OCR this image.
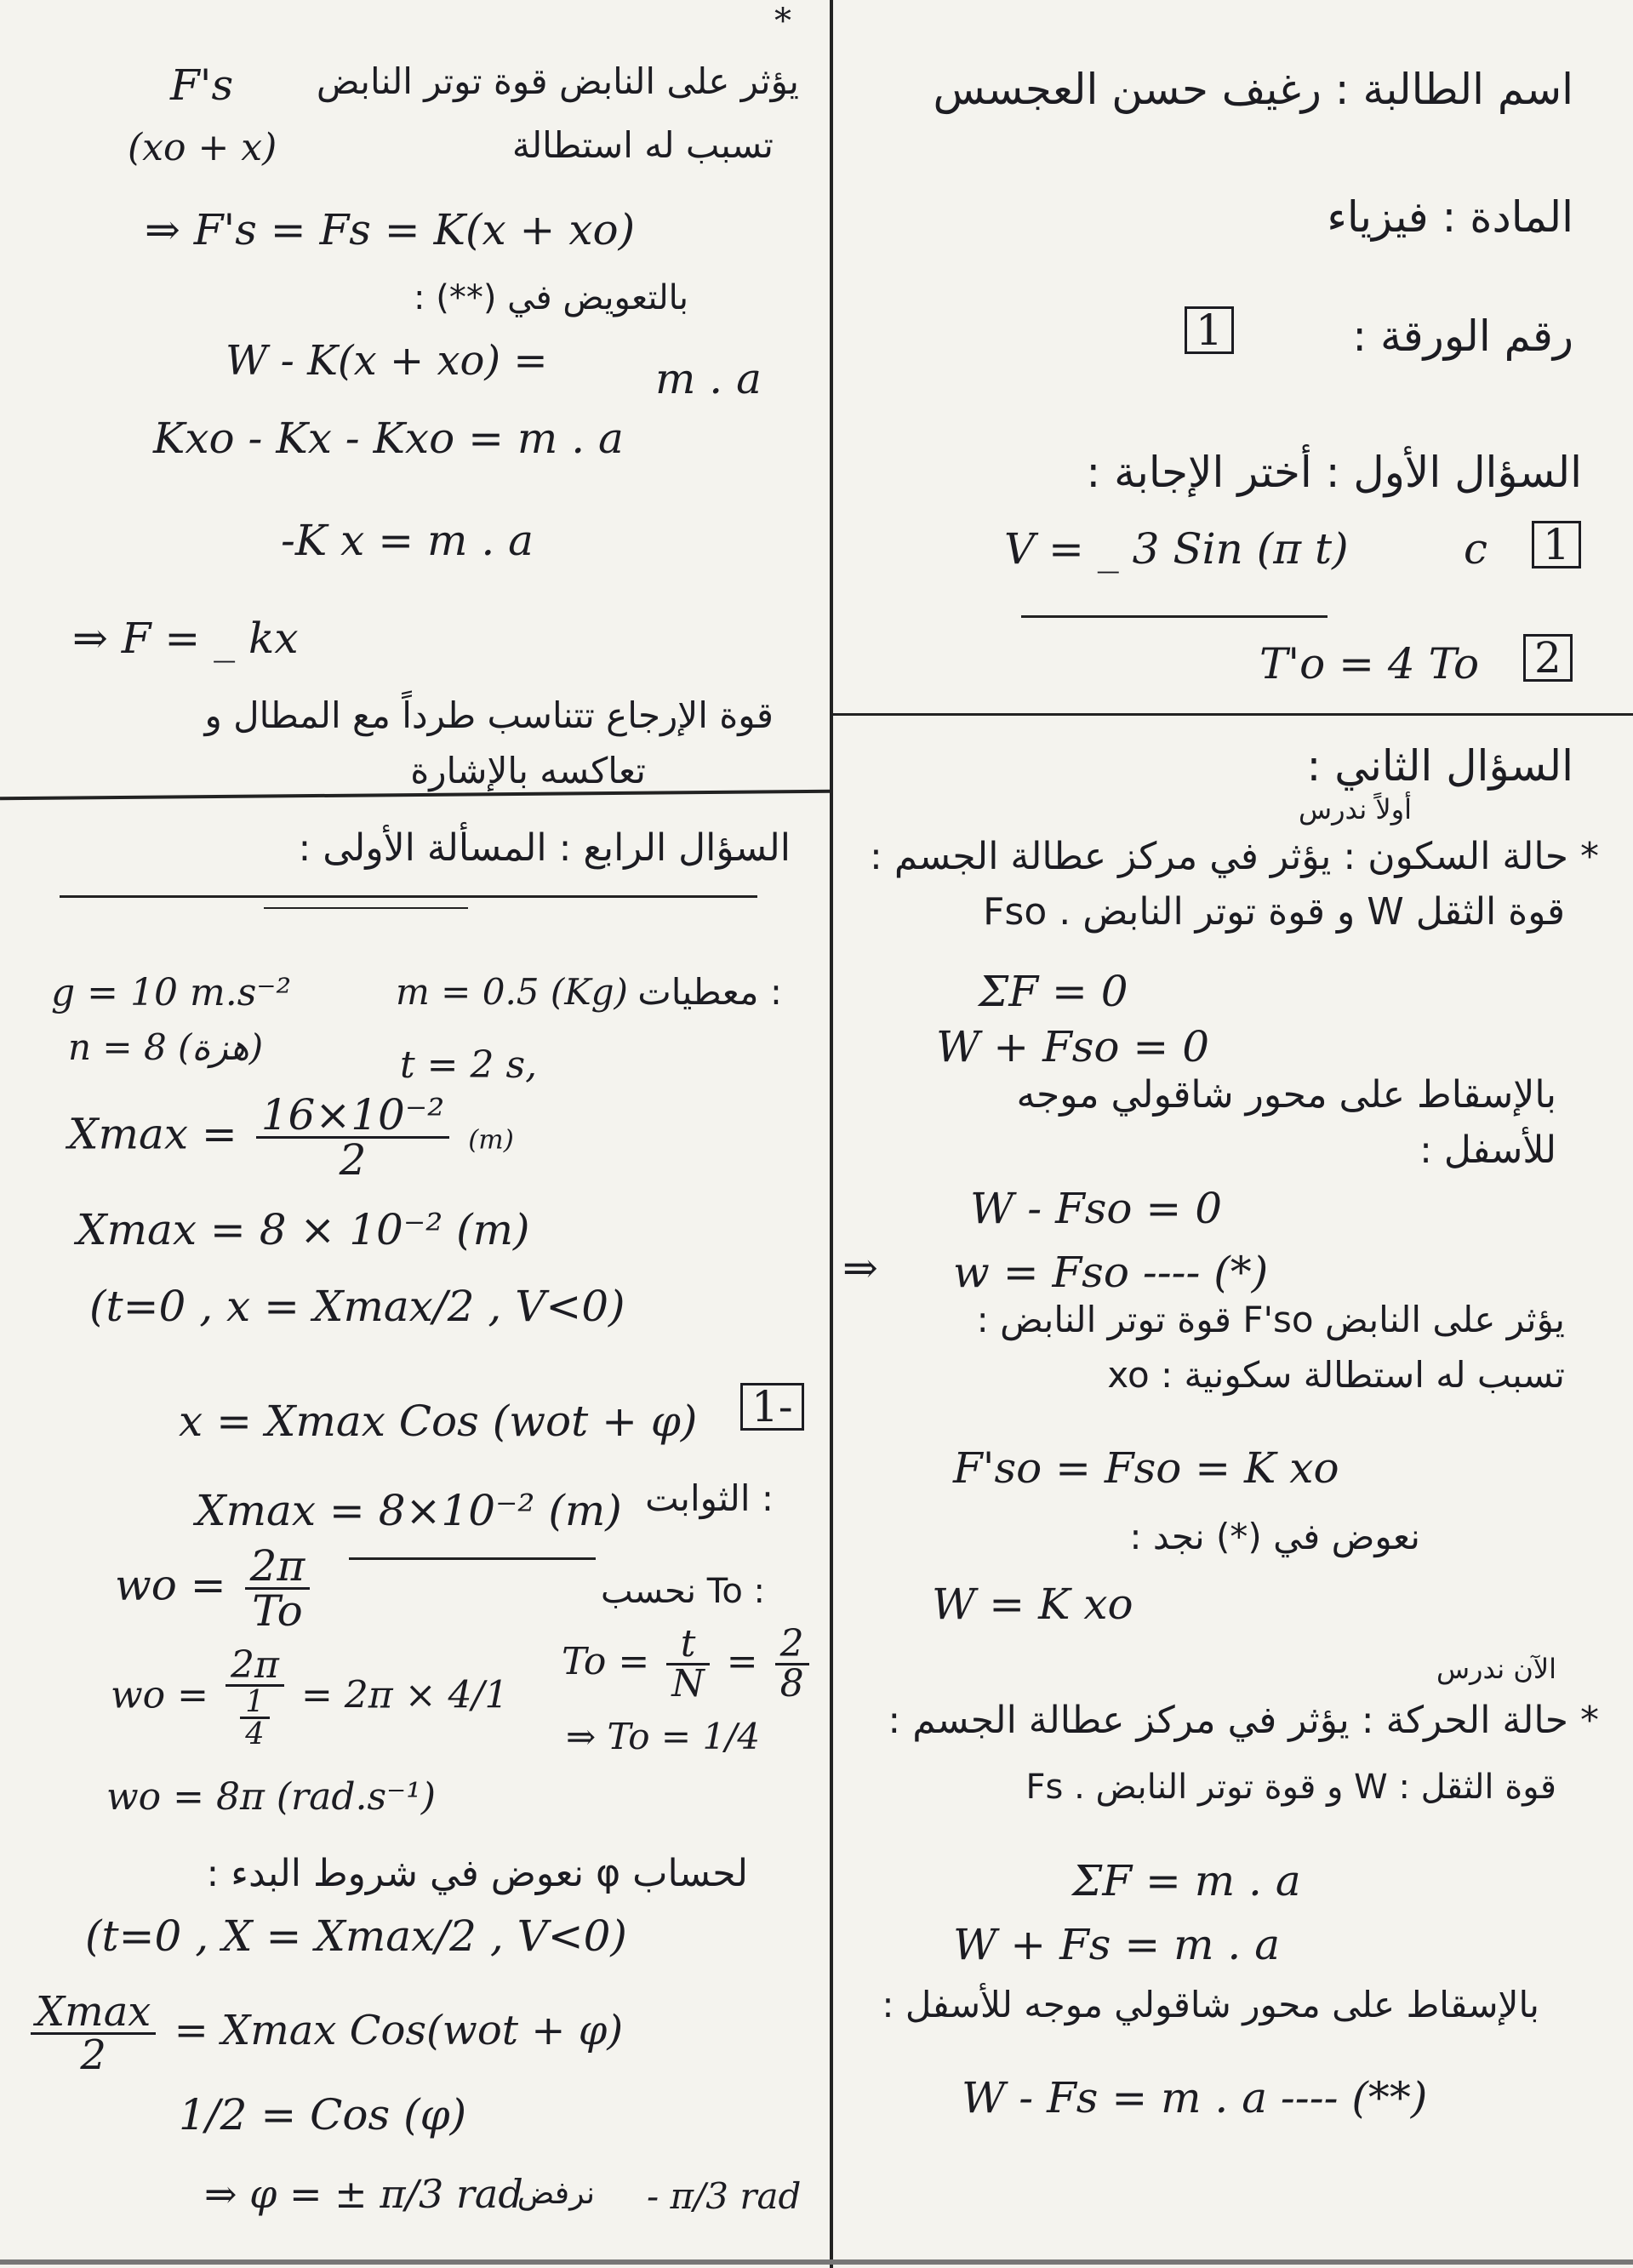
اسم الطالبة : رغيف حسن العجسس
المادة : فيزياء
رقم الورقة :
1
السؤال الأول : أختر الإجابة :
V = _ 3 Sin (π t)	c 1
T'o = 4 To 2
السؤال الثاني :
أولاً ندرس
* حالة السكون : يؤثر في مركز عطالة الجسم :
قوة الثقل W و قوة توتر النابض . Fso
ΣF = 0
W + Fso = 0
بالإسقاط على محور شاقولي موجه
للأسفل :
W - Fso = 0
⇒ w = Fso ---- (*)
يؤثر على النابض F'so قوة توتر النابض :
تسبب له استطالة سكونية : xo
F'so = Fso = K xo
نعوض في (*) نجد :
W = K xo
الآن ندرس
* حالة الحركة : يؤثر في مركز عطالة الجسم :
قوة الثقل : W و قوة توتر النابض . Fs
ΣF = m . a
W + Fs = m . a
بالإسقاط على محور شاقولي موجه للأسفل :
W - Fs = m . a ---- (**)
*
يؤثر على النابض قوة توتر النابض
F's
تسبب له استطالة
(xo + x)
⇒ F's = Fs = K(x + xo)
بالتعويض في (**) :
W - K(x + xo) =	m . a
Kxo - Kx - Kxo = m . a
-K x = m . a
⇒ F = _ kx
قوة الإرجاع تتناسب طرداً مع المطال و
تعاكسه بالإشارة
السؤال الرابع : المسألة الأولى :
: معطيات
g = 10 m.s⁻²	m = 0.5 (Kg)
n = 8 (هزة)	t = 2 s,
$Xmax = \frac{\text{16×10⁻²}}{2} (m)$
Xmax = 8 × 10⁻² (m)
(t=0 , x = Xmax/2 , V<0)
x = Xmax Cos (wot + φ) 1-
: الثوابت
Xmax = 8×10⁻² (m)
wo = $\frac{2\pi}{To}$	: To نحسب
$To = \frac{t}{N} = \frac{2}{8}$
⇒ To = 1/4
wo = $\frac{2\pi}{\frac{1}{4}} = 2\pi \times 4/1$
wo = 8π (rad.s⁻¹)
لحساب φ نعوض في شروط البدء :
(t=0 , X = Xmax/2 , V<0)
$\frac{Xmax}{2} = Xmax$ Cos(wot + φ)
1/2 = Cos (φ)
⇒ φ = ± π/3 rad
نرفض - π/3 rad
